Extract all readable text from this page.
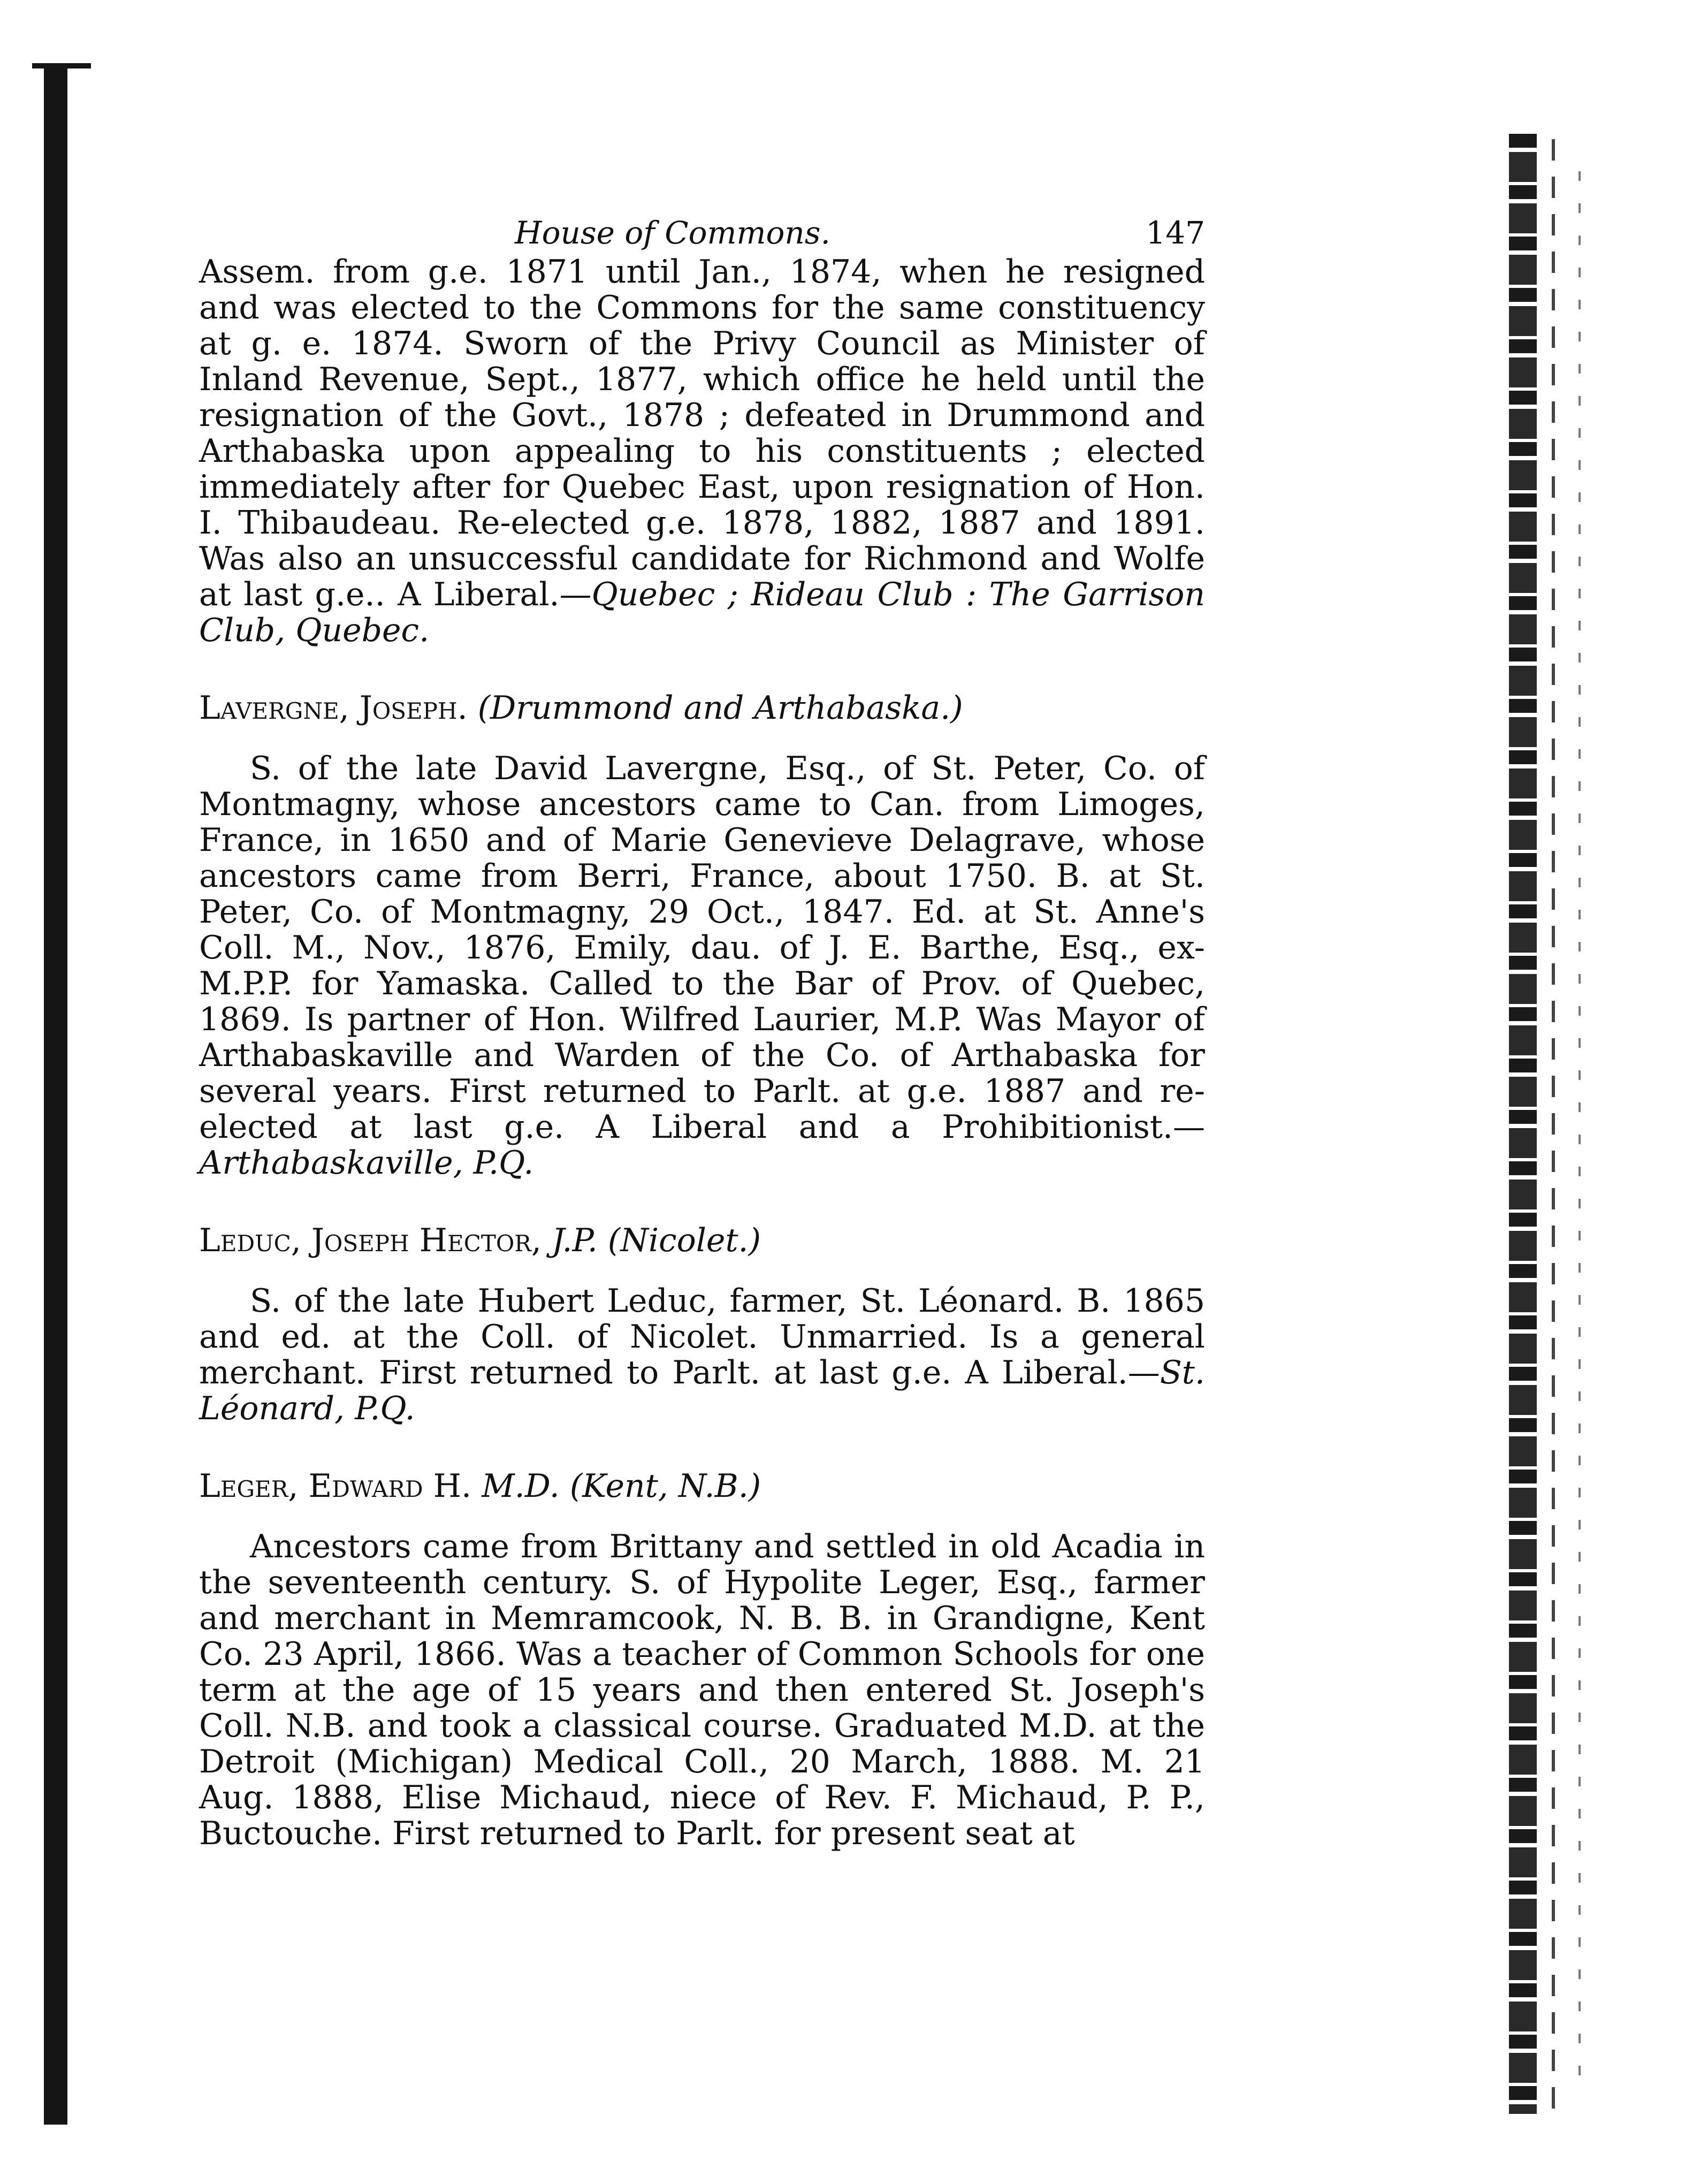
House of Commons.	147

Assem. from g.e. 1871 until Jan., 1874, when he resigned and was elected to the Commons for the same constituency at g. e. 1874. Sworn of the Privy Council as Minister of Inland Revenue, Sept., 1877, which office he held until the resignation of the Govt., 1878 ; defeated in Drummond and Arthabaska upon appealing to his constituents ; elected immediately after for Quebec East, upon resignation of Hon. I. Thibaudeau. Re-elected g.e. 1878, 1882, 1887 and 1891. Was also an unsuccessful candidate for Richmond and Wolfe at last g.e.. A Liberal.—Quebec ; Rideau Club : The Garrison Club, Quebec.

Lavergne, Joseph. (Drummond and Arthabaska.)

S. of the late David Lavergne, Esq., of St. Peter, Co. of Montmagny, whose ancestors came to Can. from Limoges, France, in 1650 and of Marie Genevieve Delagrave, whose ancestors came from Berri, France, about 1750. B. at St. Peter, Co. of Montmagny, 29 Oct., 1847. Ed. at St. Anne's Coll. M., Nov., 1876, Emily, dau. of J. E. Barthe, Esq., ex-M.P.P. for Yamaska. Called to the Bar of Prov. of Quebec, 1869. Is partner of Hon. Wilfred Laurier, M.P. Was Mayor of Arthabaskaville and Warden of the Co. of Arthabaska for several years. First returned to Parlt. at g.e. 1887 and re-elected at last g.e. A Liberal and a Prohibitionist.—Arthabaskaville, P.Q.

Leduc, Joseph Hector, J.P. (Nicolet.)

S. of the late Hubert Leduc, farmer, St. Léonard. B. 1865 and ed. at the Coll. of Nicolet. Unmarried. Is a general merchant. First returned to Parlt. at last g.e. A Liberal.—St. Léonard, P.Q.

Leger, Edward H. M.D. (Kent, N.B.)

Ancestors came from Brittany and settled in old Acadia in the seventeenth century. S. of Hypolite Leger, Esq., farmer and merchant in Memramcook, N. B. B. in Grandigne, Kent Co. 23 April, 1866. Was a teacher of Common Schools for one term at the age of 15 years and then entered St. Joseph's Coll. N.B. and took a classical course. Graduated M.D. at the Detroit (Michigan) Medical Coll., 20 March, 1888. M. 21 Aug. 1888, Elise Michaud, niece of Rev. F. Michaud, P. P., Buctouche. First returned to Parlt. for present seat at
